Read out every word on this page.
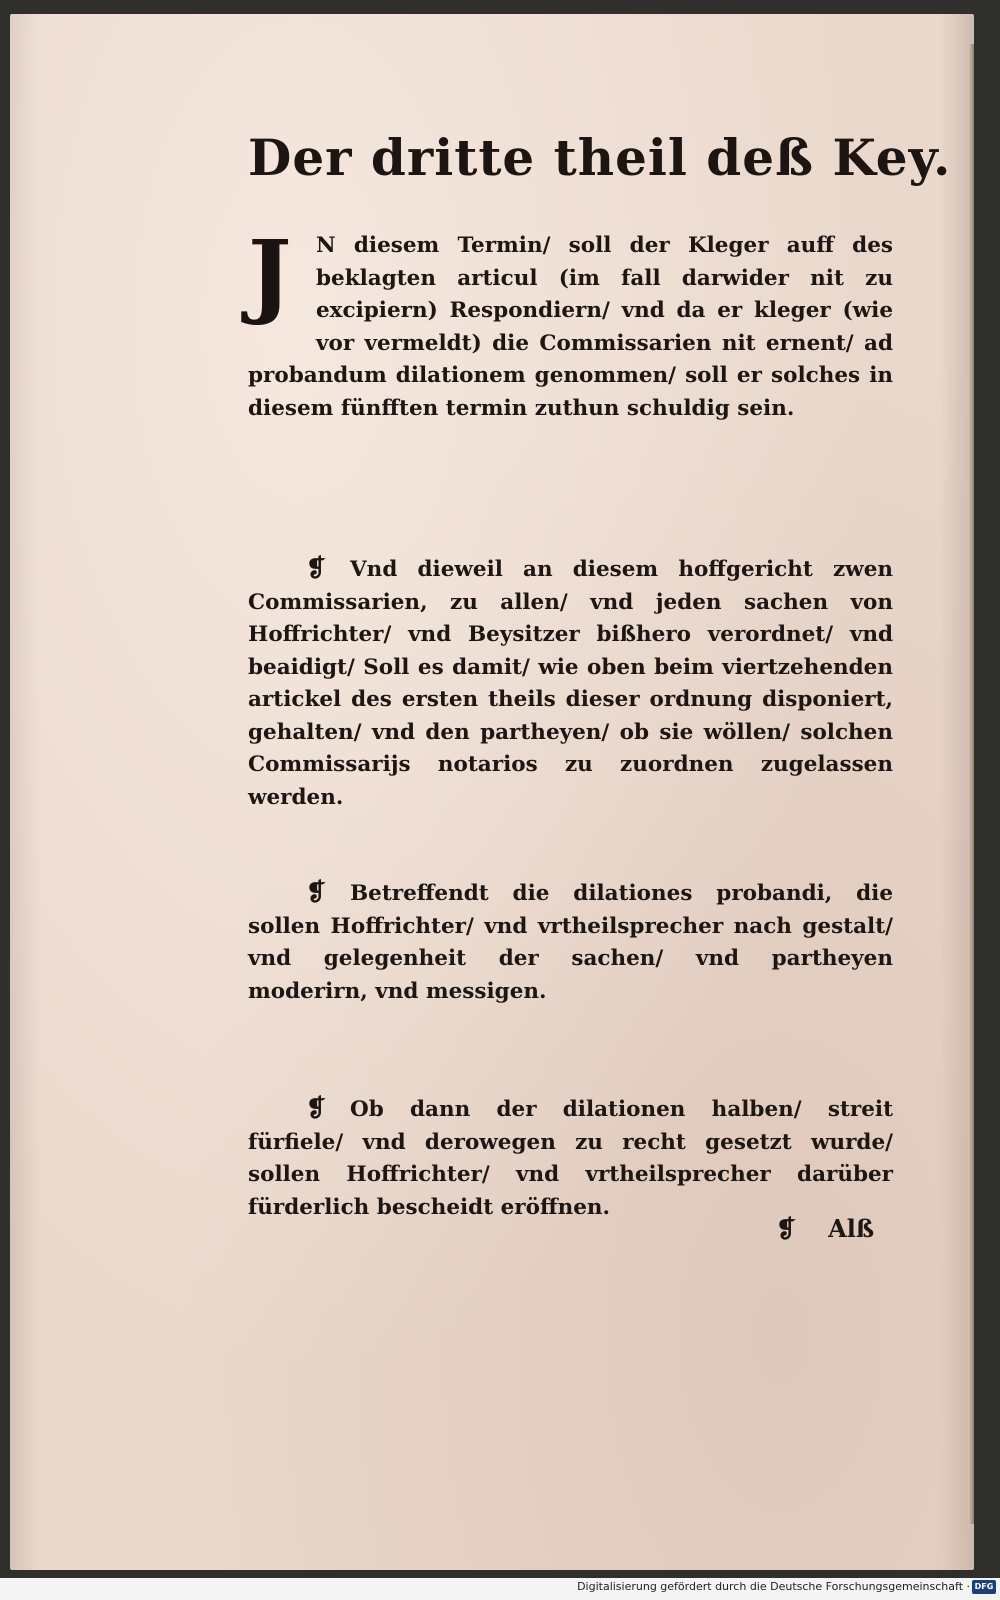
Der dritte theil deß Key.
J	N diesem Termin/ soll der Kleger auff des beklagten articul (im fall darwider nit zu excipiern) Respondiern/ vnd da er kleger (wie vor vermeldt) die Commissarien nit ernent/ ad probandum dilationem genommen/ soll er solches in diesem fünfften termin zuthun schuldig sein.
❡ Vnd dieweil an diesem hoffgericht zwen Commissarien, zu allen/ vnd jeden sachen von Hoffrichter/ vnd Beysitzer bißhero verordnet/ vnd beaidigt/ Soll es damit/ wie oben beim viertzehenden artickel des ersten theils dieser ordnung disponiert, gehalten/ vnd den partheyen/ ob sie wöllen/ solchen Commissarijs notarios zu zuordnen zugelassen werden.
❡ Betreffendt die dilationes probandi, die sollen Hoffrichter/ vnd vrtheilsprecher nach gestalt/ vnd gelegenheit der sachen/ vnd partheyen moderirn, vnd messigen.
❡ Ob dann der dilationen halben/ streit fürfiele/ vnd derowegen zu recht gesetzt wurde/ sollen Hoffrichter/ vnd vrtheilsprecher darüber fürderlich bescheidt eröffnen.
❡ Alß
Digitalisierung gefördert durch die Deutsche Forschungsgemeinschaft · DFG
